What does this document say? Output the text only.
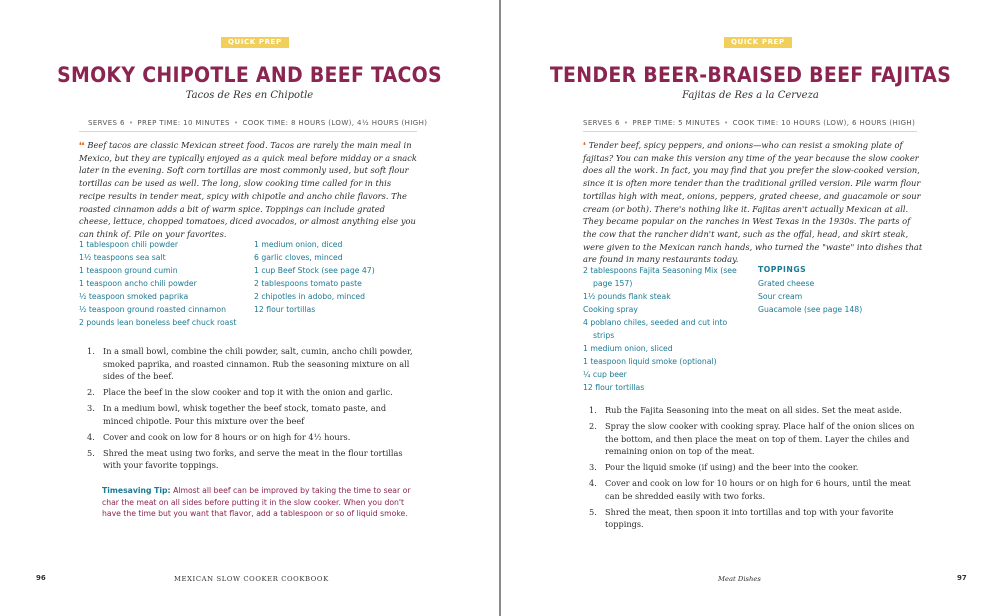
QUICK PREP
SMOKY CHIPOTLE AND BEEF TACOS
Tacos de Res en Chipotle
SERVES 6 • PREP TIME: 10 MINUTES • COOK TIME: 8 HOURS (LOW), 4½ HOURS (HIGH)

❛❛ Beef tacos are classic Mexican street food. Tacos are rarely the main meal in Mexico, but they are typically enjoyed as a quick meal before midday or a snack later in the evening. Soft corn tortillas are most commonly used, but soft flour tortillas can be used as well. The long, slow cooking time called for in this recipe results in tender meat, spicy with chipotle and ancho chile flavors. The roasted cinnamon adds a bit of warm spice. Toppings can include grated cheese, lettuce, chopped tomatoes, diced avocados, or almost anything else you can think of. Pile on your favorites.

1 tablespoon chili powder
1½ teaspoons sea salt
1 teaspoon ground cumin
1 teaspoon ancho chili powder
½ teaspoon smoked paprika
½ teaspoon ground roasted cinnamon
2 pounds lean boneless beef chuck roast
1 medium onion, diced
6 garlic cloves, minced
1 cup Beef Stock (see page 47)
2 tablespoons tomato paste
2 chipotles in adobo, minced
12 flour tortillas
1. In a small bowl, combine the chili powder, salt, cumin, ancho chili powder, smoked paprika, and roasted cinnamon. Rub the seasoning mixture on all sides of the beef.
2. Place the beef in the slow cooker and top it with the onion and garlic.
3. In a medium bowl, whisk together the beef stock, tomato paste, and minced chipotle. Pour this mixture over the beef
4. Cover and cook on low for 8 hours or on high for 4½ hours.
5. Shred the meat using two forks, and serve the meat in the flour tortillas with your favorite toppings.

Timesaving Tip: Almost all beef can be improved by taking the time to sear or char the meat on all sides before putting it in the slow cooker. When you don't have the time but you want that flavor, add a tablespoon or so of liquid smoke.

96	MEXICAN SLOW COOKER COOKBOOK
QUICK PREP
TENDER BEER-BRAISED BEEF FAJITAS
Fajitas de Res a la Cerveza
SERVES 6 • PREP TIME: 5 MINUTES • COOK TIME: 10 HOURS (LOW), 6 HOURS (HIGH)

❛ Tender beef, spicy peppers, and onions—who can resist a smoking plate of fajitas? You can make this version any time of the year because the slow cooker does all the work. In fact, you may find that you prefer the slow-cooked version, since it is often more tender than the traditional grilled version. Pile warm flour tortillas high with meat, onions, peppers, grated cheese, and guacamole or sour cream (or both). There's nothing like it. Fajitas aren't actually Mexican at all. They became popular on the ranches in West Texas in the 1930s. The parts of the cow that the rancher didn't want, such as the offal, head, and skirt steak, were given to the Mexican ranch hands, who turned the "waste" into dishes that are found in many restaurants today.

2 tablespoons Fajita Seasoning Mix (see page 157)
1½ pounds flank steak
Cooking spray
4 poblano chiles, seeded and cut into strips
1 medium onion, sliced
1 teaspoon liquid smoke (optional)
¼ cup beer
12 flour tortillas
TOPPINGS
Grated cheese
Sour cream
Guacamole (see page 148)
1. Rub the Fajita Seasoning into the meat on all sides. Set the meat aside.
2. Spray the slow cooker with cooking spray. Place half of the onion slices on the bottom, and then place the meat on top of them. Layer the chiles and remaining onion on top of the meat.
3. Pour the liquid smoke (if using) and the beer into the cooker.
4. Cover and cook on low for 10 hours or on high for 6 hours, until the meat can be shredded easily with two forks.
5. Shred the meat, then spoon it into tortillas and top with your favorite toppings.
Meat Dishes	97
